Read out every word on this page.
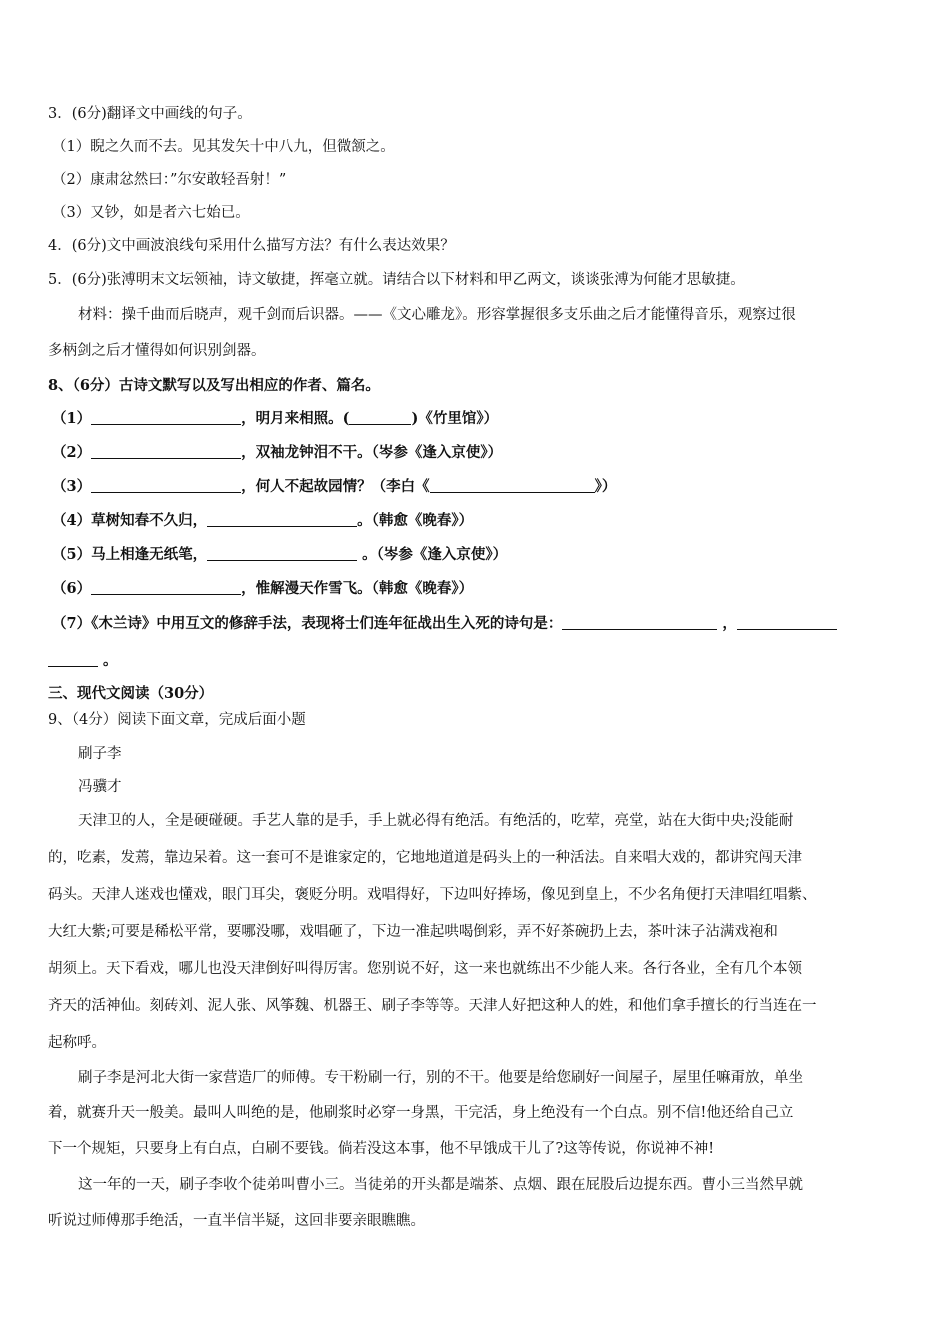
3．(6分)翻译文中画线的句子。
（1）睨之久而不去。见其发矢十中八九，但微颔之。
（2）康肃忿然曰：”尔安敢轻吾射！”
（3）又钞，如是者六七始已。
4．(6分)文中画波浪线句采用什么描写方法？有什么表达效果？
5．(6分)张溥明末文坛领袖，诗文敏捷，挥毫立就。请结合以下材料和甲乙两文，谈谈张溥为何能才思敏捷。
材料：操千曲而后晓声，观千剑而后识器。——《文心雕龙》。形容掌握很多支乐曲之后才能懂得音乐，观察过很
多柄剑之后才懂得如何识别剑器。
8、（6分）古诗文默写以及写出相应的作者、篇名。
（1）	，明月来相照。(	)《竹里馆》）
（2）	，双袖龙钟泪不干。（岑参《逢入京使》）
（3）	，何人不起故园情？（李白《	》）
（4）草树知春不久归，	。（韩愈《晚春》）
（5）马上相逢无纸笔，	。（岑参《逢入京使》）
（6）	，惟解漫天作雪飞。（韩愈《晚春》）
（7）《木兰诗》中用互文的修辞手法，表现将士们连年征战出生入死的诗句是：	，
。
三、现代文阅读（30分）
9、（4分）阅读下面文章，完成后面小题
刷子李
冯骥才
天津卫的人，全是硬碰硬。手艺人靠的是手，手上就必得有绝活。有绝活的，吃荤，亮堂，站在大街中央;没能耐
的，吃素，发蔫，靠边呆着。这一套可不是谁家定的，它地地道道是码头上的一种活法。自来唱大戏的，都讲究闯天津
码头。天津人迷戏也懂戏，眼门耳尖，褒贬分明。戏唱得好，下边叫好捧场，像见到皇上，不少名角便打天津唱红唱紫、
大红大紫;可要是稀松平常，要哪没哪，戏唱砸了，下边一准起哄喝倒彩，弄不好茶碗扔上去，茶叶沫子沾满戏袍和
胡须上。天下看戏，哪儿也没天津倒好叫得厉害。您别说不好，这一来也就练出不少能人来。各行各业，全有几个本领
齐天的活神仙。刻砖刘、泥人张、风筝魏、机器王、刷子李等等。天津人好把这种人的姓，和他们拿手擅长的行当连在一
起称呼。
刷子李是河北大街一家营造厂的师傅。专干粉刷一行，别的不干。他要是给您刷好一间屋子，屋里任嘛甭放，单坐
着，就赛升天一般美。最叫人叫绝的是，他刷浆时必穿一身黑，干完活，身上绝没有一个白点。别不信!他还给自己立
下一个规矩，只要身上有白点，白刷不要钱。倘若没这本事，他不早饿成干儿了?这等传说，你说神不神!
这一年的一天，刷子李收个徒弟叫曹小三。当徒弟的开头都是端茶、点烟、跟在屁股后边提东西。曹小三当然早就
听说过师傅那手绝活，一直半信半疑，这回非要亲眼瞧瞧。
